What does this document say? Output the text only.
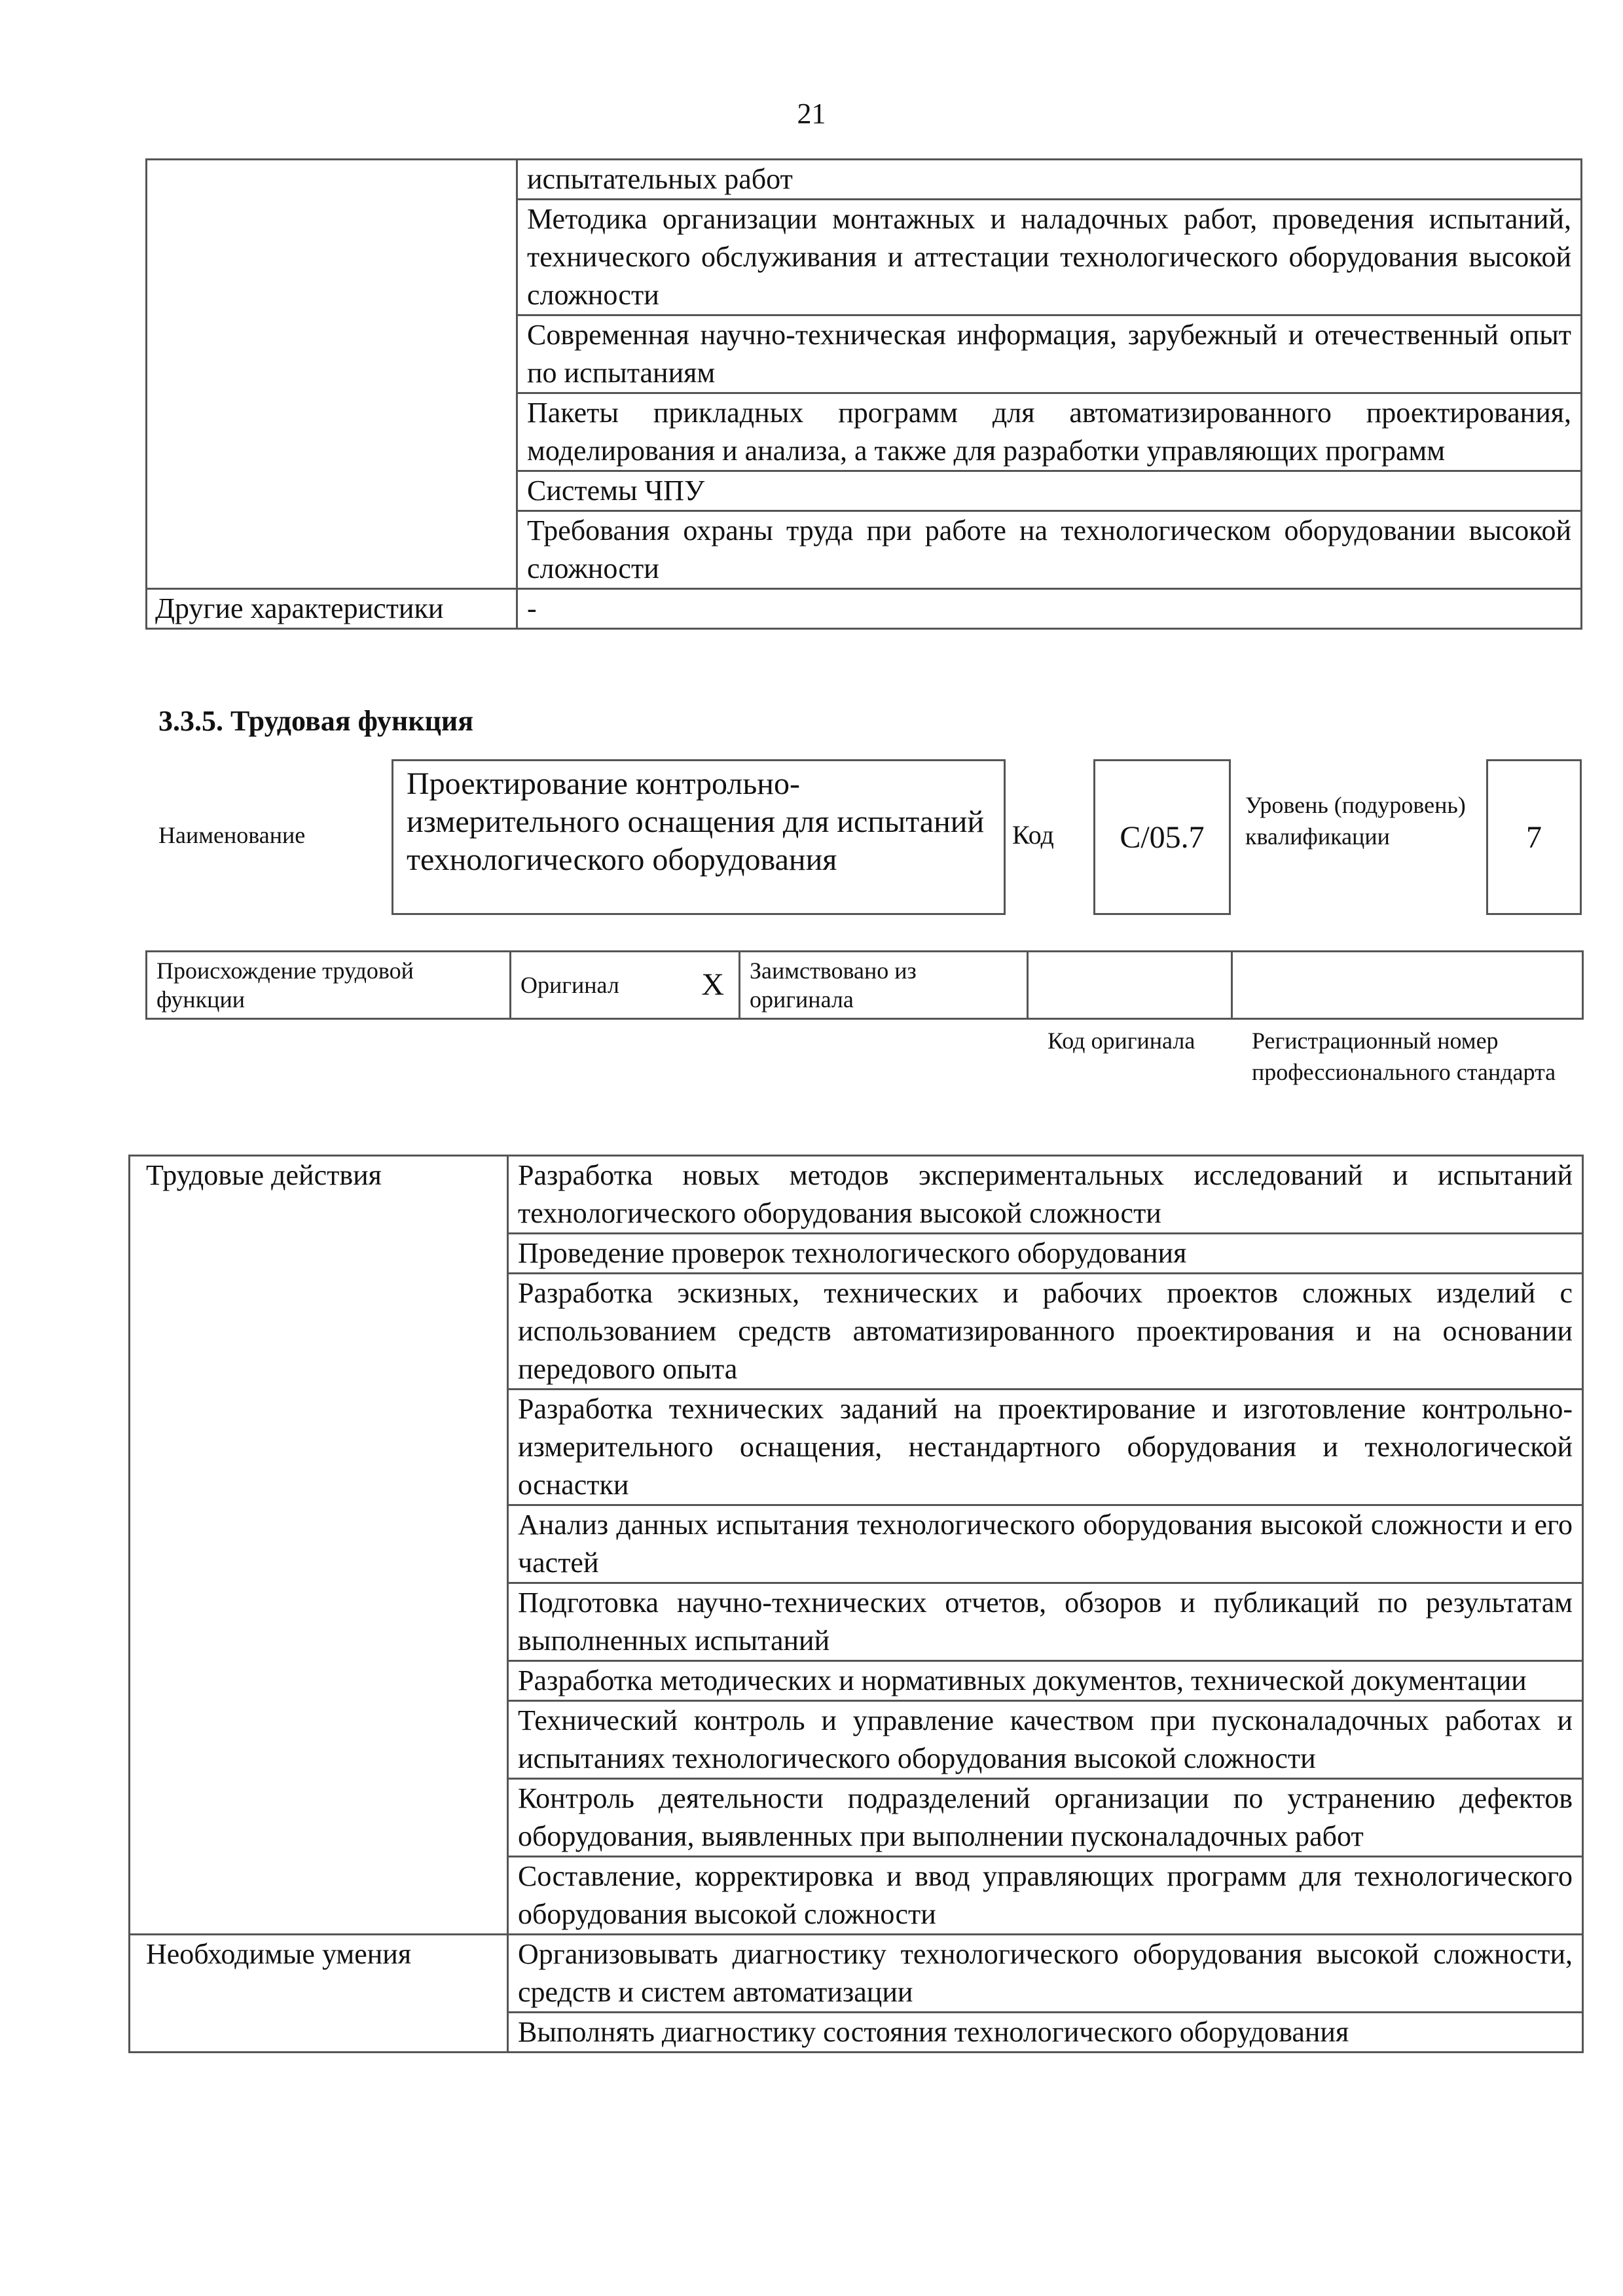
21
	испытательных работ
	Методика организации монтажных и наладочных работ, проведения испытаний, технического обслуживания и аттестации технологического оборудования высокой сложности
	Современная научно-техническая информация, зарубежный и отечественный опыт по испытаниям
	Пакеты прикладных программ для автоматизированного проектирования, моделирования и анализа, а также для разработки управляющих программ
	Системы ЧПУ
	Требования охраны труда при работе на технологическом оборудовании высокой сложности
Другие характеристики	-
3.3.5. Трудовая функция
Наименование
Проектирование контрольно-измерительного оснащения для испытаний технологического оборудования
Код	С/05.7
Уровень (подуровень) квалификации	7
Происхождение трудовой функции	Оригинал	X	Заимствовано из оригинала		
Код оригинала Регистрационный номер профессионального стандарта
Трудовые действия	Разработка новых методов экспериментальных исследований и испытаний технологического оборудования высокой сложности
	Проведение проверок технологического оборудования
	Разработка эскизных, технических и рабочих проектов сложных изделий с использованием средств автоматизированного проектирования и на основании передового опыта
	Разработка технических заданий на проектирование и изготовление контрольно-измерительного оснащения, нестандартного оборудования и технологической оснастки
	Анализ данных испытания технологического оборудования высокой сложности и его частей
	Подготовка научно-технических отчетов, обзоров и публикаций по результатам выполненных испытаний
	Разработка методических и нормативных документов, технической документации
	Технический контроль и управление качеством при пусконаладочных работах и испытаниях технологического оборудования высокой сложности
	Контроль деятельности подразделений организации по устранению дефектов оборудования, выявленных при выполнении пусконаладочных работ
	Составление, корректировка и ввод управляющих программ для технологического оборудования высокой сложности
Необходимые умения	Организовывать диагностику технологического оборудования высокой сложности, средств и систем автоматизации
	Выполнять диагностику состояния технологического оборудования
